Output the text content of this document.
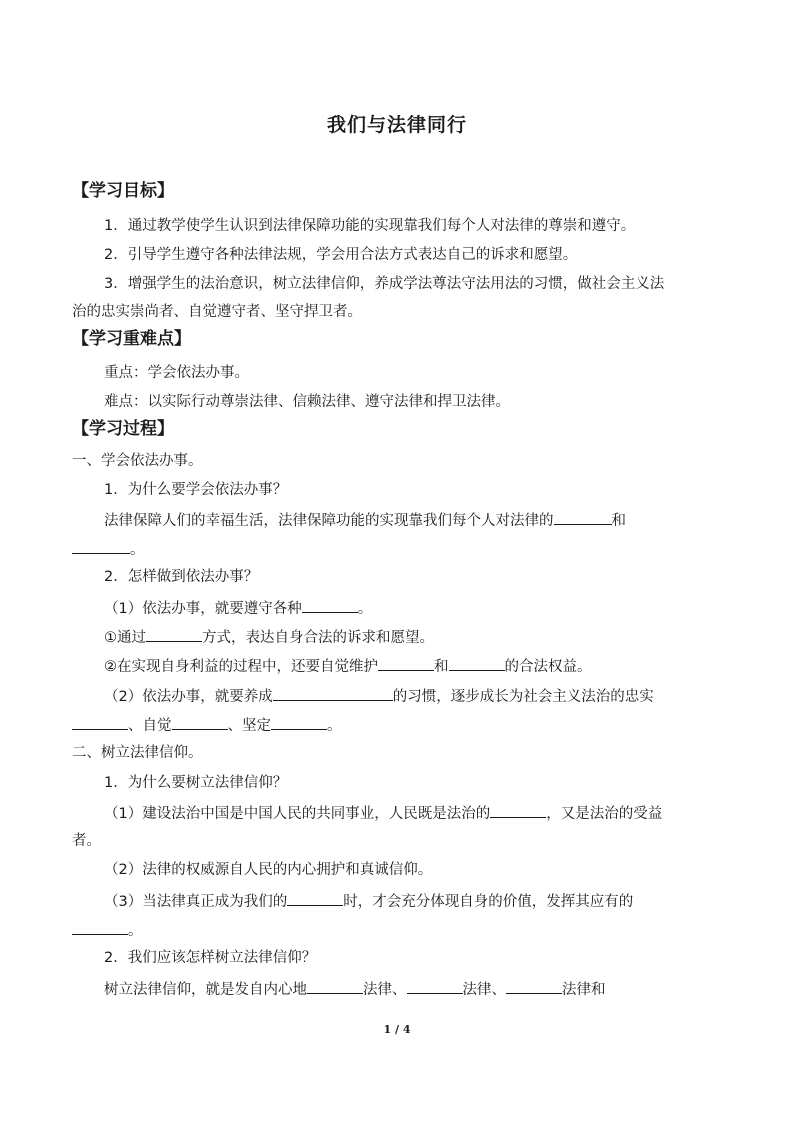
我们与法律同行
【学习目标】
1．通过教学使学生认识到法律保障功能的实现靠我们每个人对法律的尊崇和遵守。
2．引导学生遵守各种法律法规，学会用合法方式表达自己的诉求和愿望。
3．增强学生的法治意识，树立法律信仰，养成学法尊法守法用法的习惯，做社会主义法
治的忠实崇尚者、自觉遵守者、坚守捍卫者。
【学习重难点】
重点：学会依法办事。
难点：以实际行动尊崇法律、信赖法律、遵守法律和捍卫法律。
【学习过程】
一、学会依法办事。
1．为什么要学会依法办事？
法律保障人们的幸福生活，法律保障功能的实现靠我们每个人对法律的	和
。
2．怎样做到依法办事？
（1）依法办事，就要遵守各种	。
①通过	方式，表达自身合法的诉求和愿望。
②在实现自身利益的过程中，还要自觉维护	和	的合法权益。
（2）依法办事，就要养成	的习惯，逐步成长为社会主义法治的忠实
、自觉	、坚定	。
二、树立法律信仰。
1．为什么要树立法律信仰？
（1）建设法治中国是中国人民的共同事业，人民既是法治的	，又是法治的受益
者。
（2）法律的权威源自人民的内心拥护和真诚信仰。
（3）当法律真正成为我们的	时，才会充分体现自身的价值，发挥其应有的
。
2．我们应该怎样树立法律信仰？
树立法律信仰，就是发自内心地	法律、	法律、	法律和
1 / 4
